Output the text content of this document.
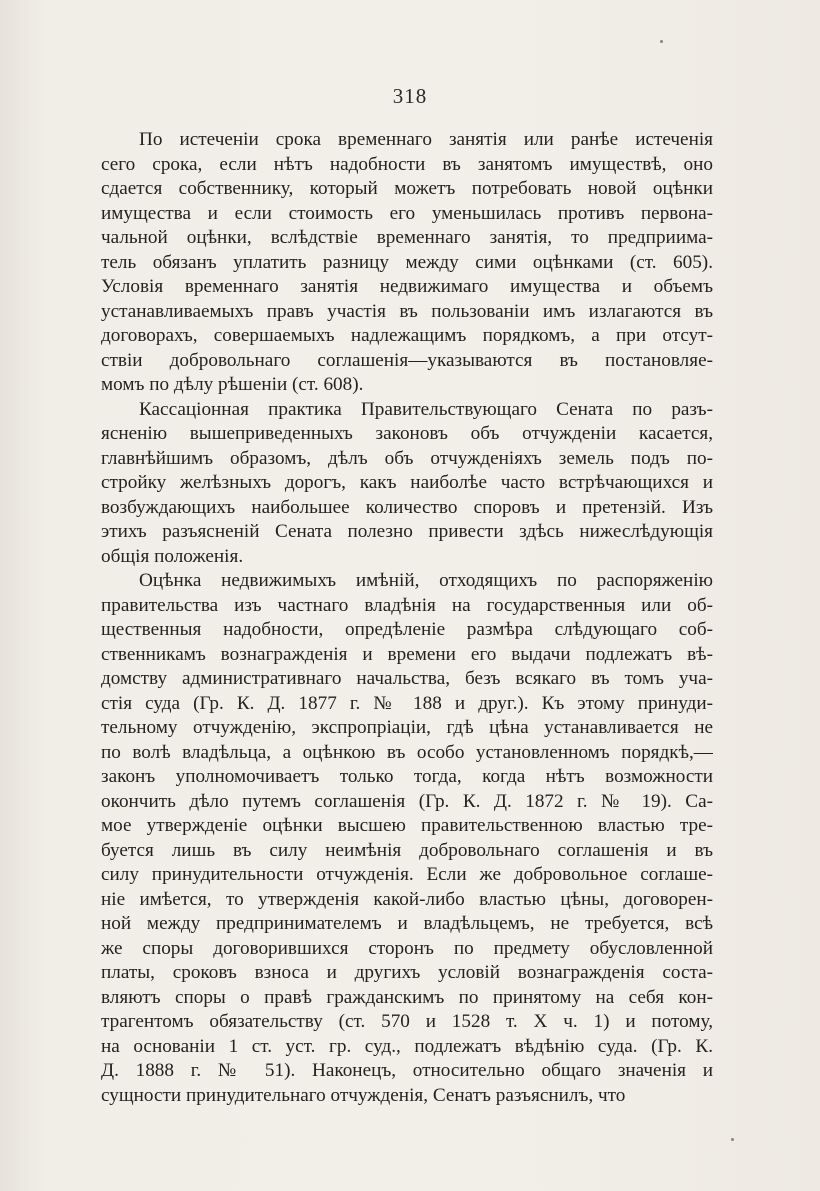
318
По истеченіи срока временнаго занятія или ранѣе истеченія
сего срока, если нѣтъ надобности въ занятомъ имуществѣ, оно
сдается собственнику, который можетъ потребовать новой оцѣнки
имущества и если стоимость его уменьшилась противъ первона-
чальной оцѣнки, вслѣдствіе временнаго занятія, то предприима-
тель обязанъ уплатить разницу между сими оцѣнками (ст. 605).
Условія временнаго занятія недвижимаго имущества и объемъ
устанавливаемыхъ правъ участія въ пользованіи имъ излагаются въ
договорахъ, совершаемыхъ надлежащимъ порядкомъ, а при отсут-
ствіи добровольнаго соглашенія—указываются въ постановляе-
момъ по дѣлу рѣшеніи (ст. 608).
Кассаціонная практика Правительствующаго Сената по разъ-
ясненію вышеприведенныхъ законовъ объ отчужденіи касается,
главнѣйшимъ образомъ, дѣлъ объ отчужденіяхъ земель подъ по-
стройку желѣзныхъ дорогъ, какъ наиболѣе часто встрѣчающихся и
возбуждающихъ наибольшее количество споровъ и претензій. Изъ
этихъ разъясненій Сената полезно привести здѣсь нижеслѣдующія
общія положенія.
Оцѣнка недвижимыхъ имѣній, отходящихъ по распоряженію
правительства изъ частнаго владѣнія на государственныя или об-
щественныя надобности, опредѣленіе размѣра слѣдующаго соб-
ственникамъ вознагражденія и времени его выдачи подлежатъ вѣ-
домству административнаго начальства, безъ всякаго въ томъ уча-
стія суда (Гр. К. Д. 1877 г. № 188 и друг.). Къ этому принуди-
тельному отчужденію, экспропріаціи, гдѣ цѣна устанавливается не
по волѣ владѣльца, а оцѣнкою въ особо установленномъ порядкѣ,—
законъ уполномочиваетъ только тогда, когда нѣтъ возможности
окончить дѣло путемъ соглашенія (Гр. К. Д. 1872 г. № 19). Са-
мое утвержденіе оцѣнки высшею правительственною властью тре-
буется лишь въ силу неимѣнія добровольнаго соглашенія и въ
силу принудительности отчужденія. Если же добровольное соглаше-
ніе имѣется, то утвержденія какой-либо властью цѣны, договорен-
ной между предпринимателемъ и владѣльцемъ, не требуется, всѣ
же споры договорившихся сторонъ по предмету обусловленной
платы, сроковъ взноса и другихъ условій вознагражденія соста-
вляютъ споры о правѣ гражданскимъ по принятому на себя кон-
трагентомъ обязательству (ст. 570 и 1528 т. X ч. 1) и потому,
на основаніи 1 ст. уст. гр. суд., подлежатъ вѣдѣнію суда. (Гр. К.
Д. 1888 г. № 51). Наконецъ, относительно общаго значенія и
сущности принудительнаго отчужденія, Сенатъ разъяснилъ, что
